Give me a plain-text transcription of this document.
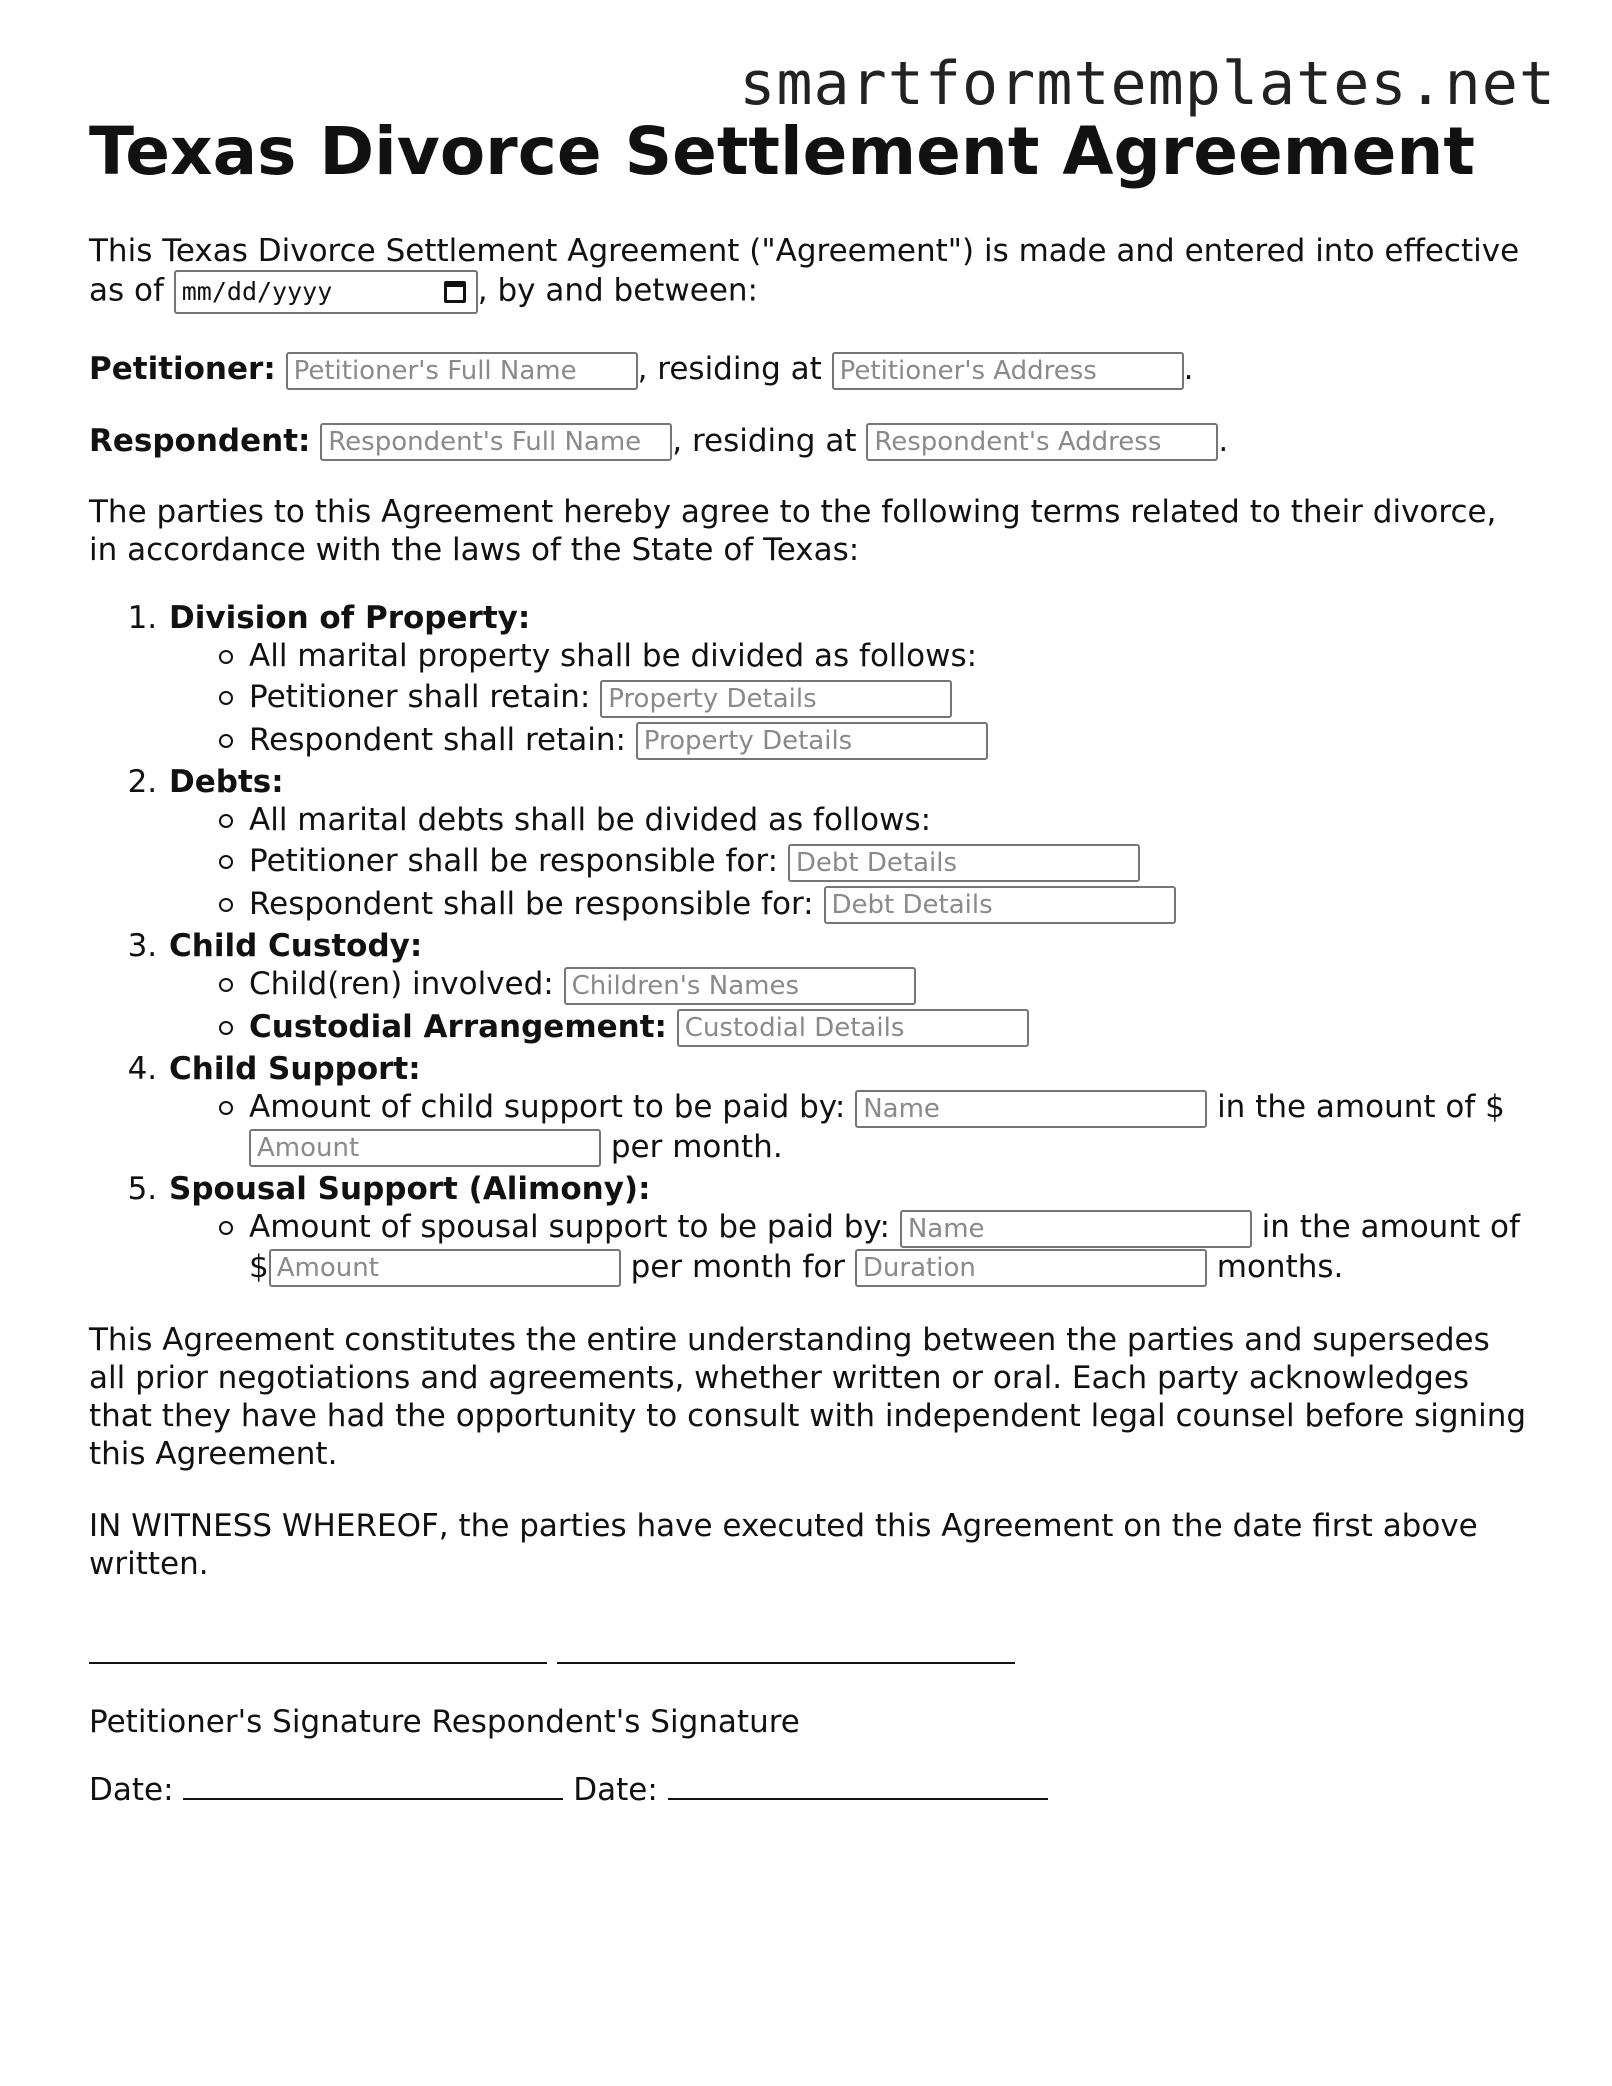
smartformtemplates.net
Texas Divorce Settlement Agreement

This Texas Divorce Settlement Agreement ("Agreement") is made and entered into effective as of mm/dd/yyyy	, by and between:

Petitioner: Petitioner's Full Name	, residing at Petitioner's Address	.

Respondent: Respondent's Full Name	, residing at Respondent's Address	.

The parties to this Agreement hereby agree to the following terms related to their divorce, in accordance with the laws of the State of Texas:

1. Division of Property:
All marital property shall be divided as follows:
Petitioner shall retain: Property Details
Respondent shall retain: Property Details
2. Debts:
All marital debts shall be divided as follows:
Petitioner shall be responsible for: Debt Details
Respondent shall be responsible for: Debt Details
3. Child Custody:
Child(ren) involved: Children's Names
Custodial Arrangement: Custodial Details
4. Child Support:
Amount of child support to be paid by: Name	in the amount of $ Amount per month.
5. Spousal Support (Alimony):
Amount of spousal support to be paid by: Name	in the amount of $Amount	per month for Duration	months.

This Agreement constitutes the entire understanding between the parties and supersedes all prior negotiations and agreements, whether written or oral. Each party acknowledges that they have had the opportunity to consult with independent legal counsel before signing this Agreement.

IN WITNESS WHEREOF, the parties have executed this Agreement on the date first above written.

Petitioner's Signature Respondent's Signature

Date:	Date:
